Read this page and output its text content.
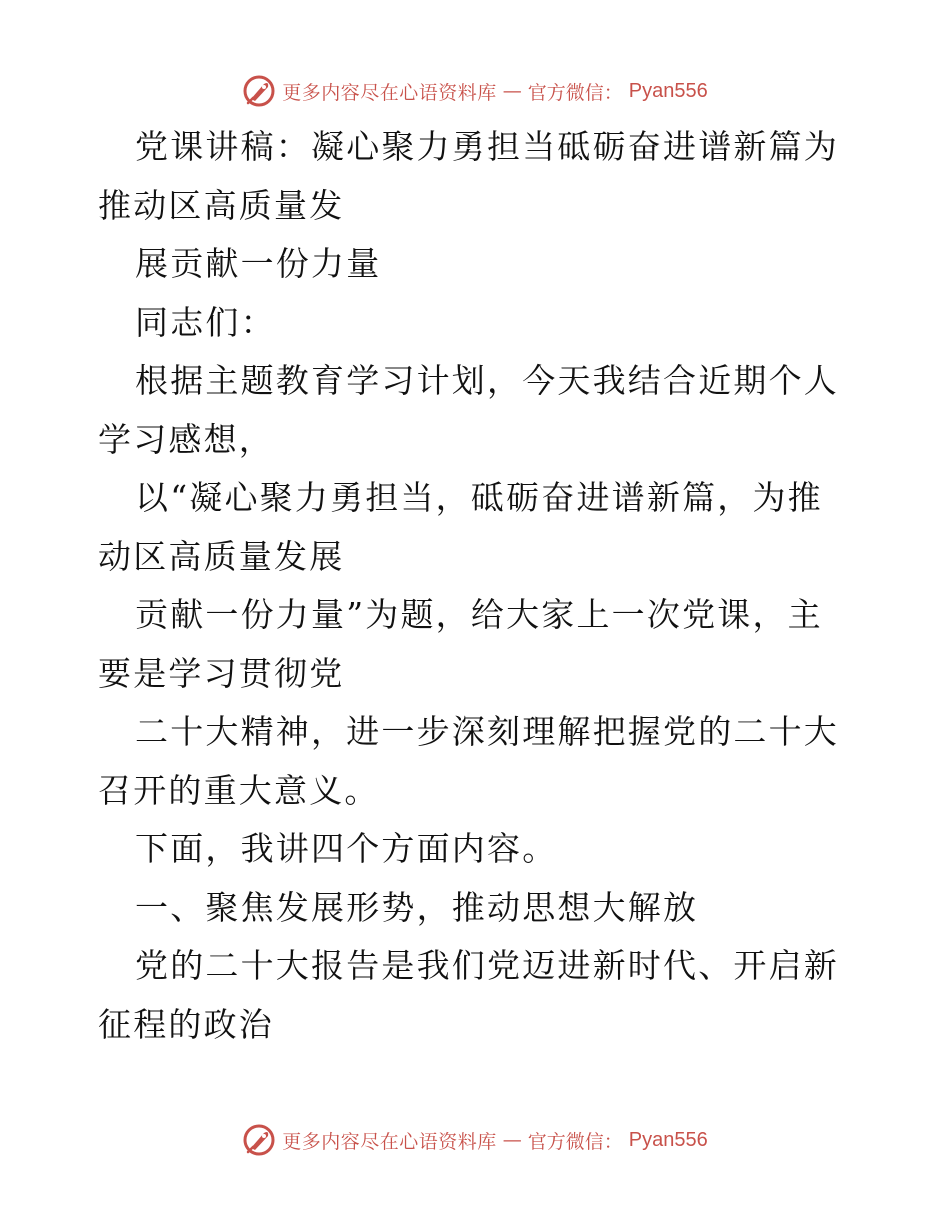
更多内容尽在心语资料库 — 官方微信： Pyan556

党课讲稿：凝心聚力勇担当砥砺奋进谱新篇为推动区高质量发

展贡献一份力量

同志们：

根据主题教育学习计划，今天我结合近期个人学习感想，

以“凝心聚力勇担当，砥砺奋进谱新篇，为推动区高质量发展

贡献一份力量”为题，给大家上一次党课，主要是学习贯彻党

二十大精神，进一步深刻理解把握党的二十大召开的重大意义。

下面，我讲四个方面内容。

一、聚焦发展形势，推动思想大解放

党的二十大报告是我们党迈进新时代、开启新征程的政治

更多内容尽在心语资料库 — 官方微信： Pyan556
